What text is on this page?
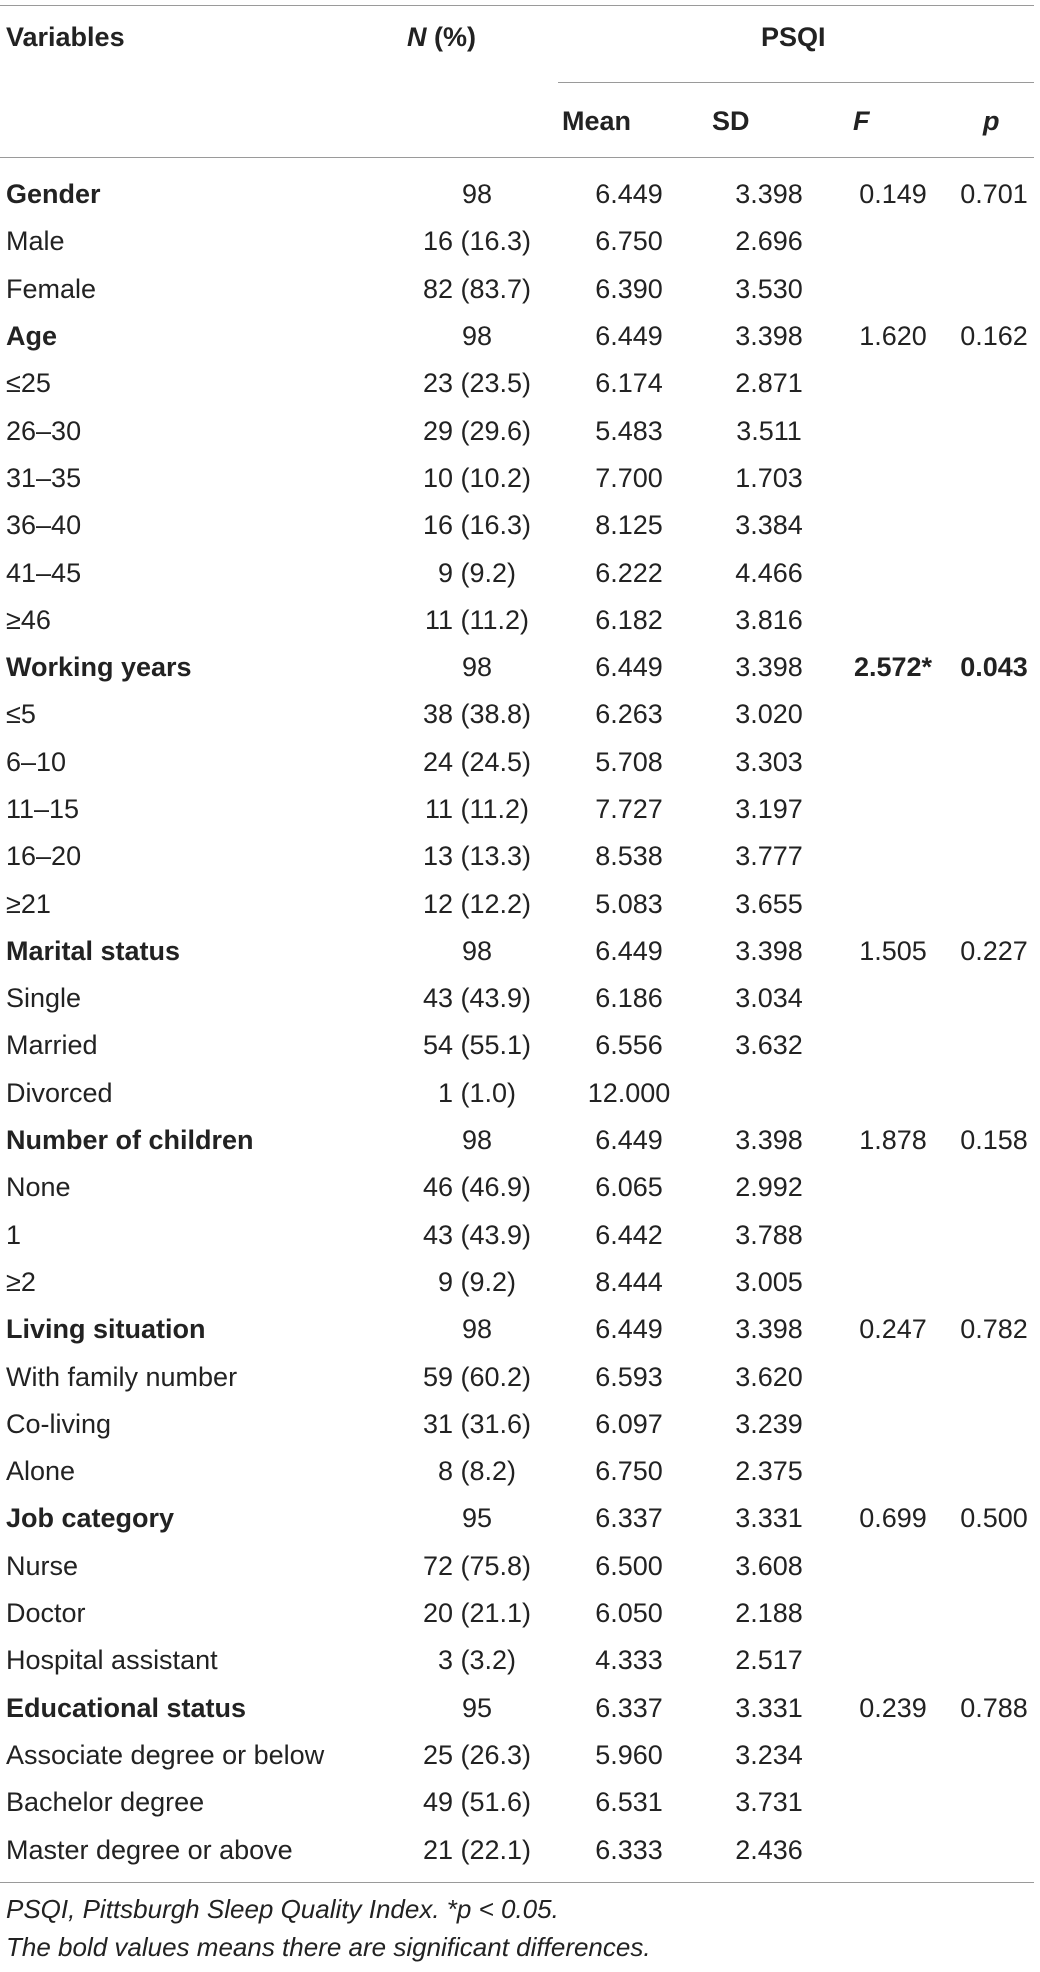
Variables	N (%)	PSQI
Mean	SD	F	p
Gender	98	6.449	3.398	0.149	0.701
Male	16 (16.3)	6.750	2.696		
Female	82 (83.7)	6.390	3.530		
Age	98	6.449	3.398	1.620	0.162
≤25	23 (23.5)	6.174	2.871		
26–30	29 (29.6)	5.483	3.511		
31–35	10 (10.2)	7.700	1.703		
36–40	16 (16.3)	8.125	3.384		
41–45	9 (9.2)	6.222	4.466		
≥46	11 (11.2)	6.182	3.816		
Working years	98	6.449	3.398	2.572*	0.043
≤5	38 (38.8)	6.263	3.020		
6–10	24 (24.5)	5.708	3.303		
11–15	11 (11.2)	7.727	3.197		
16–20	13 (13.3)	8.538	3.777		
≥21	12 (12.2)	5.083	3.655		
Marital status	98	6.449	3.398	1.505	0.227
Single	43 (43.9)	6.186	3.034		
Married	54 (55.1)	6.556	3.632		
Divorced	1 (1.0)	12.000			
Number of children	98	6.449	3.398	1.878	0.158
None	46 (46.9)	6.065	2.992		
1	43 (43.9)	6.442	3.788		
≥2	9 (9.2)	8.444	3.005		
Living situation	98	6.449	3.398	0.247	0.782
With family number	59 (60.2)	6.593	3.620		
Co-living	31 (31.6)	6.097	3.239		
Alone	8 (8.2)	6.750	2.375		
Job category	95	6.337	3.331	0.699	0.500
Nurse	72 (75.8)	6.500	3.608		
Doctor	20 (21.1)	6.050	2.188		
Hospital assistant	3 (3.2)	4.333	2.517		
Educational status	95	6.337	3.331	0.239	0.788
Associate degree or below	25 (26.3)	5.960	3.234		
Bachelor degree	49 (51.6)	6.531	3.731		
Master degree or above	21 (22.1)	6.333	2.436		
PSQI, Pittsburgh Sleep Quality Index. *p < 0.05.
The bold values means there are significant differences.
